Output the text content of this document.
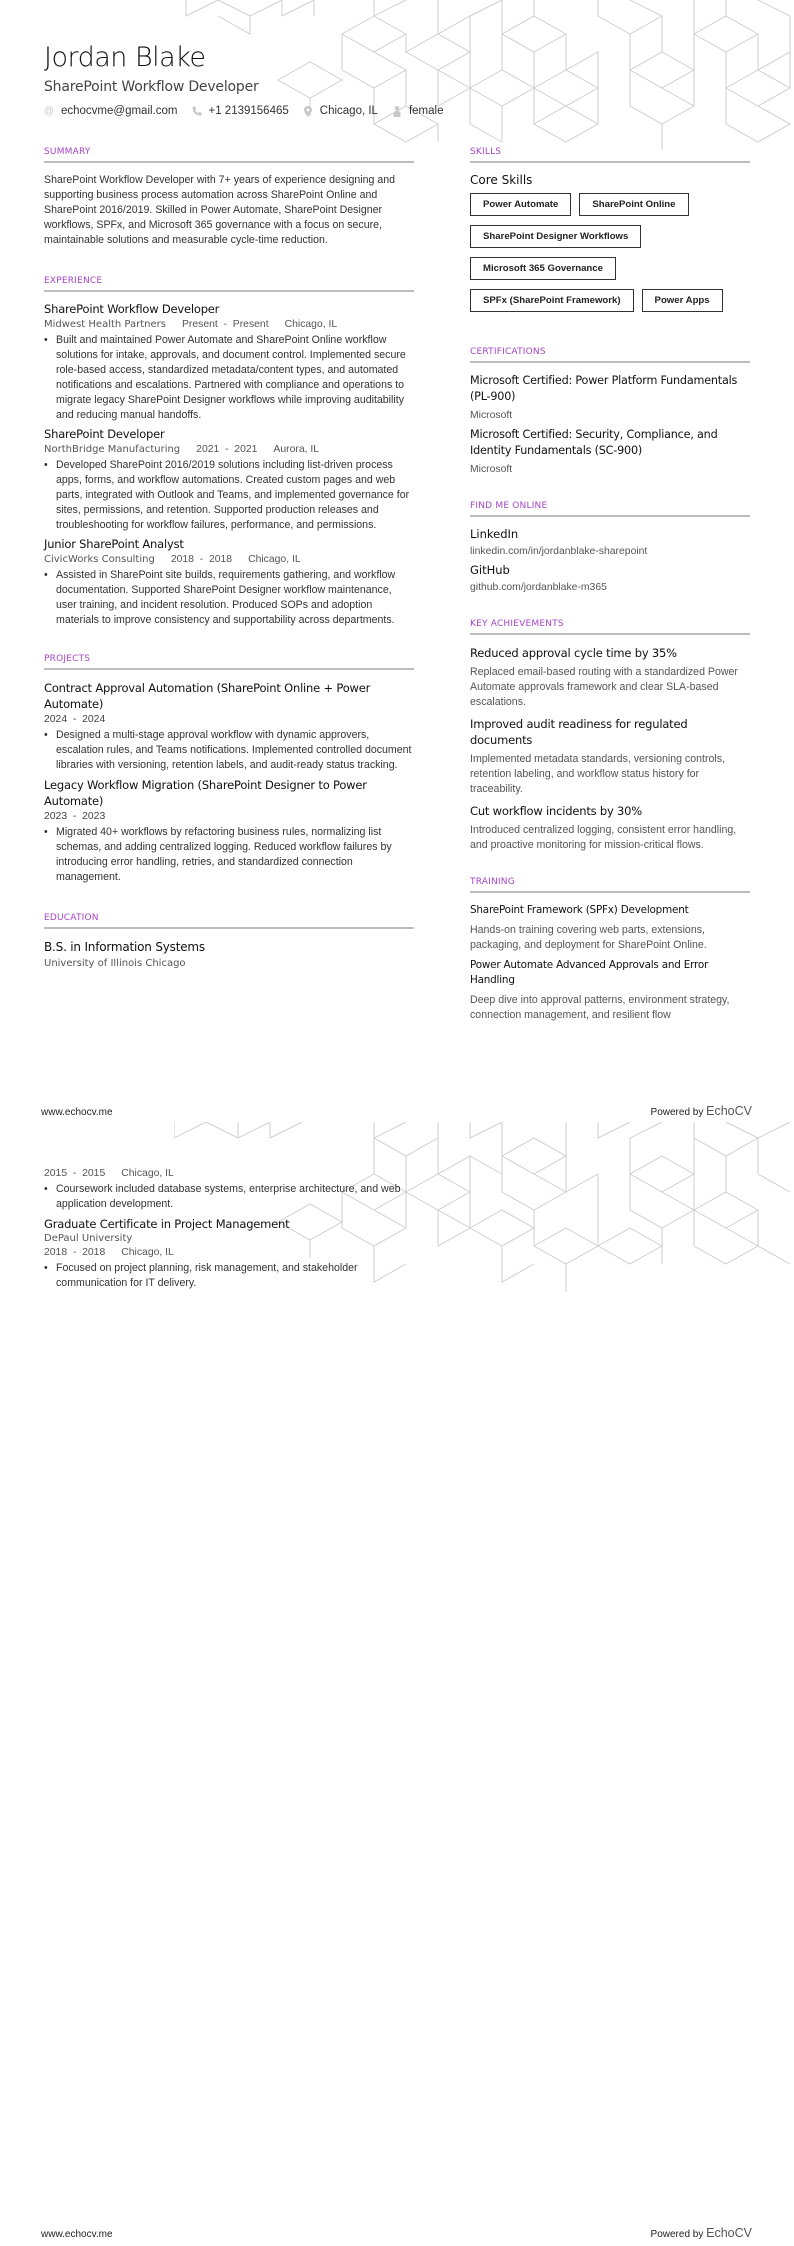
Jordan Blake
SharePoint Workflow Developer
@ echocvme@gmail.com	+1 2139156465	Chicago, IL	female
SUMMARY
SharePoint Workflow Developer with 7+ years of experience designing and supporting business process automation across SharePoint Online and SharePoint 2016/2019. Skilled in Power Automate, SharePoint Designer workflows, SPFx, and Microsoft 365 governance with a focus on secure, maintainable solutions and measurable cycle-time reduction.
EXPERIENCE
SharePoint Workflow Developer
Midwest Health Partners Present  -  Present Chicago, IL
• Built and maintained Power Automate and SharePoint Online workflow solutions for intake, approvals, and document control. Implemented secure role-based access, standardized metadata/content types, and automated notifications and escalations. Partnered with compliance and operations to migrate legacy SharePoint Designer workflows while improving auditability and reducing manual handoffs.
SharePoint Developer
NorthBridge Manufacturing 2021  -  2021 Aurora, IL
• Developed SharePoint 2016/2019 solutions including list-driven process apps, forms, and workflow automations. Created custom pages and web parts, integrated with Outlook and Teams, and implemented governance for sites, permissions, and retention. Supported production releases and troubleshooting for workflow failures, performance, and permissions.
Junior SharePoint Analyst
CivicWorks Consulting 2018  -  2018 Chicago, IL
• Assisted in SharePoint site builds, requirements gathering, and workflow documentation. Supported SharePoint Designer workflow maintenance, user training, and incident resolution. Produced SOPs and adoption materials to improve consistency and supportability across departments.
PROJECTS
Contract Approval Automation (SharePoint Online + Power Automate)
2024  -  2024
• Designed a multi-stage approval workflow with dynamic approvers, escalation rules, and Teams notifications. Implemented controlled document libraries with versioning, retention labels, and audit-ready status tracking.
Legacy Workflow Migration (SharePoint Designer to Power Automate)
2023  -  2023
• Migrated 40+ workflows by refactoring business rules, normalizing list schemas, and adding centralized logging. Reduced workflow failures by introducing error handling, retries, and standardized connection management.
EDUCATION
B.S. in Information Systems
University of Illinois Chicago
SKILLS
Core Skills
Power Automate	SharePoint Online
SharePoint Designer Workflows
Microsoft 365 Governance
SPFx (SharePoint Framework)	Power Apps
CERTIFICATIONS
Microsoft Certified: Power Platform Fundamentals (PL-900)
Microsoft
Microsoft Certified: Security, Compliance, and Identity Fundamentals (SC-900)
Microsoft
FIND ME ONLINE
LinkedIn
linkedin.com/in/jordanblake-sharepoint
GitHub
github.com/jordanblake-m365
KEY ACHIEVEMENTS
Reduced approval cycle time by 35%
Replaced email-based routing with a standardized Power Automate approvals framework and clear SLA-based escalations.
Improved audit readiness for regulated documents
Implemented metadata standards, versioning controls, retention labeling, and workflow status history for traceability.
Cut workflow incidents by 30%
Introduced centralized logging, consistent error handling, and proactive monitoring for mission-critical flows.
TRAINING
SharePoint Framework (SPFx) Development
Hands-on training covering web parts, extensions, packaging, and deployment for SharePoint Online.
Power Automate Advanced Approvals and Error Handling
Deep dive into approval patterns, environment strategy, connection management, and resilient flow
www.echocv.me	Powered by EchoCV
2015  -  2015 Chicago, IL
• Coursework included database systems, enterprise architecture, and web application development.
Graduate Certificate in Project Management
DePaul University
2018  -  2018 Chicago, IL
• Focused on project planning, risk management, and stakeholder communication for IT delivery.
www.echocv.me	Powered by EchoCV
